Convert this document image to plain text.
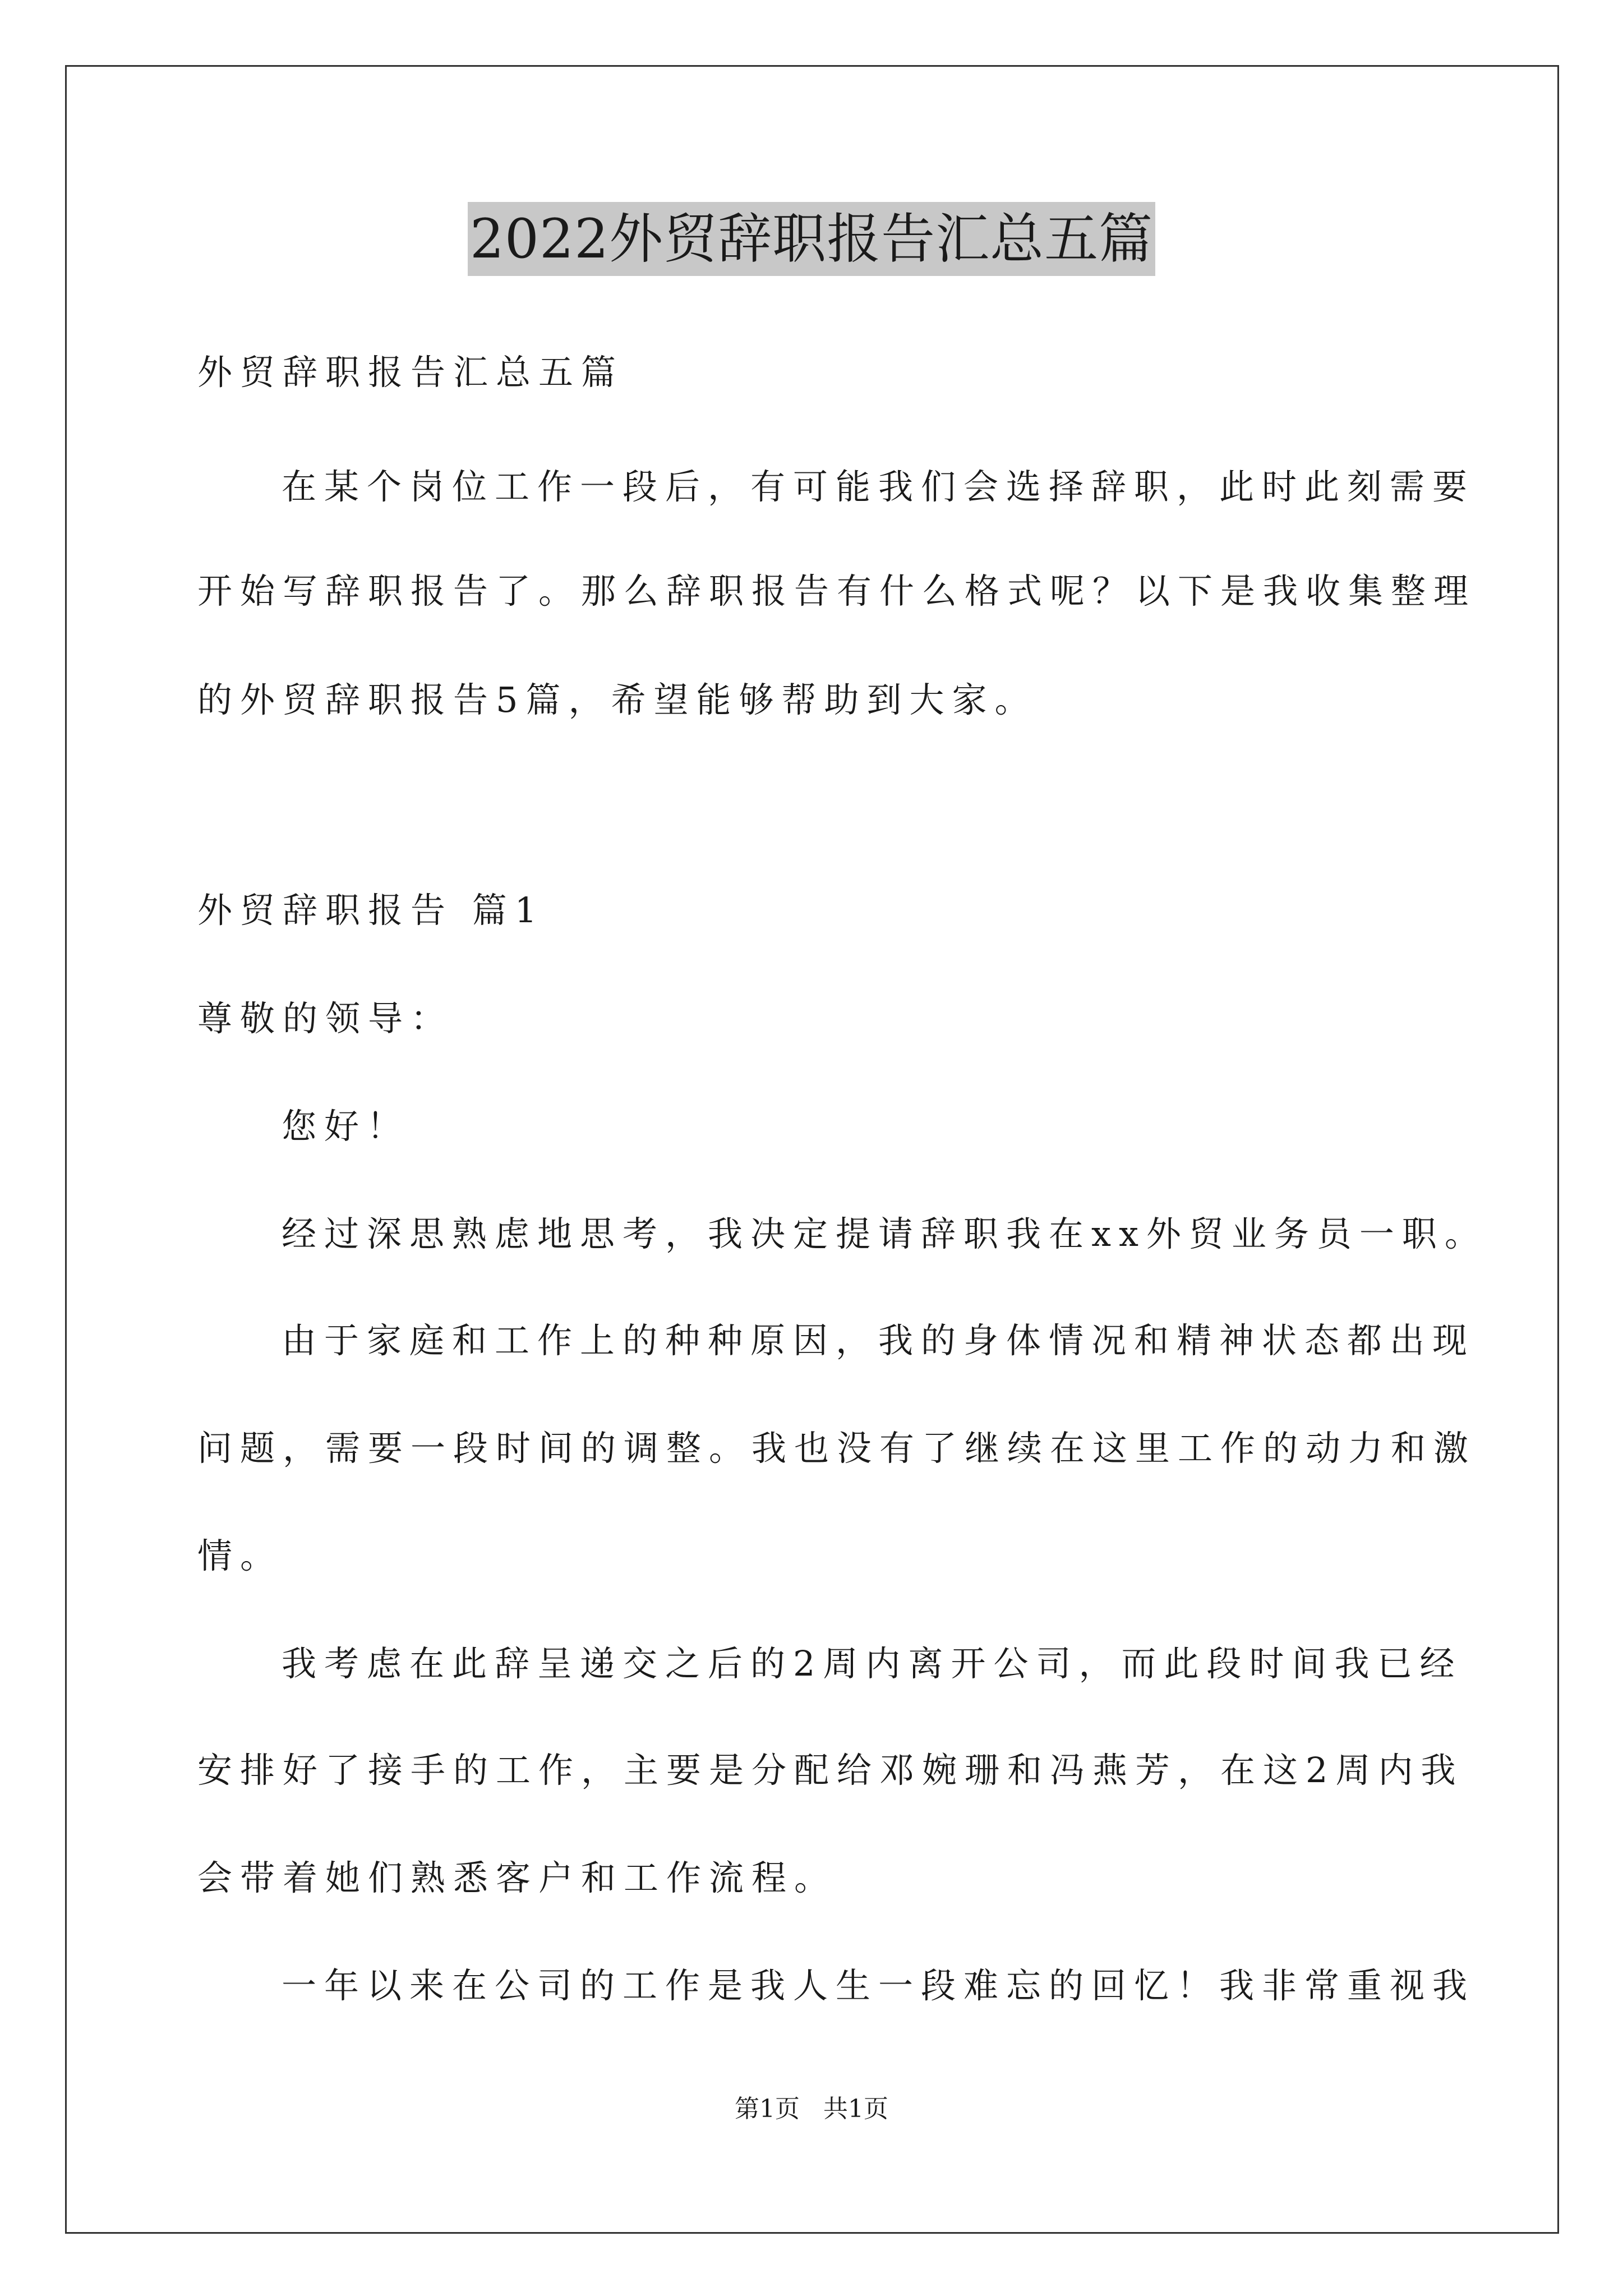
2022外贸辞职报告汇总五篇
外贸辞职报告汇总五篇
在某个岗位工作一段后，有可能我们会选择辞职，此时此刻需要
开始写辞职报告了。那么辞职报告有什么格式呢？以下是我收集整理
的外贸辞职报告5篇，希望能够帮助到大家。
外贸辞职报告 篇1
尊敬的领导：
您好！
经过深思熟虑地思考，我决定提请辞职我在xx外贸业务员一职。
由于家庭和工作上的种种原因，我的身体情况和精神状态都出现
问题，需要一段时间的调整。我也没有了继续在这里工作的动力和激
情。
我考虑在此辞呈递交之后的2周内离开公司，而此段时间我已经
安排好了接手的工作，主要是分配给邓婉珊和冯燕芳，在这2周内我
会带着她们熟悉客户和工作流程。
一年以来在公司的工作是我人生一段难忘的回忆！我非常重视我
第1页   共1页
